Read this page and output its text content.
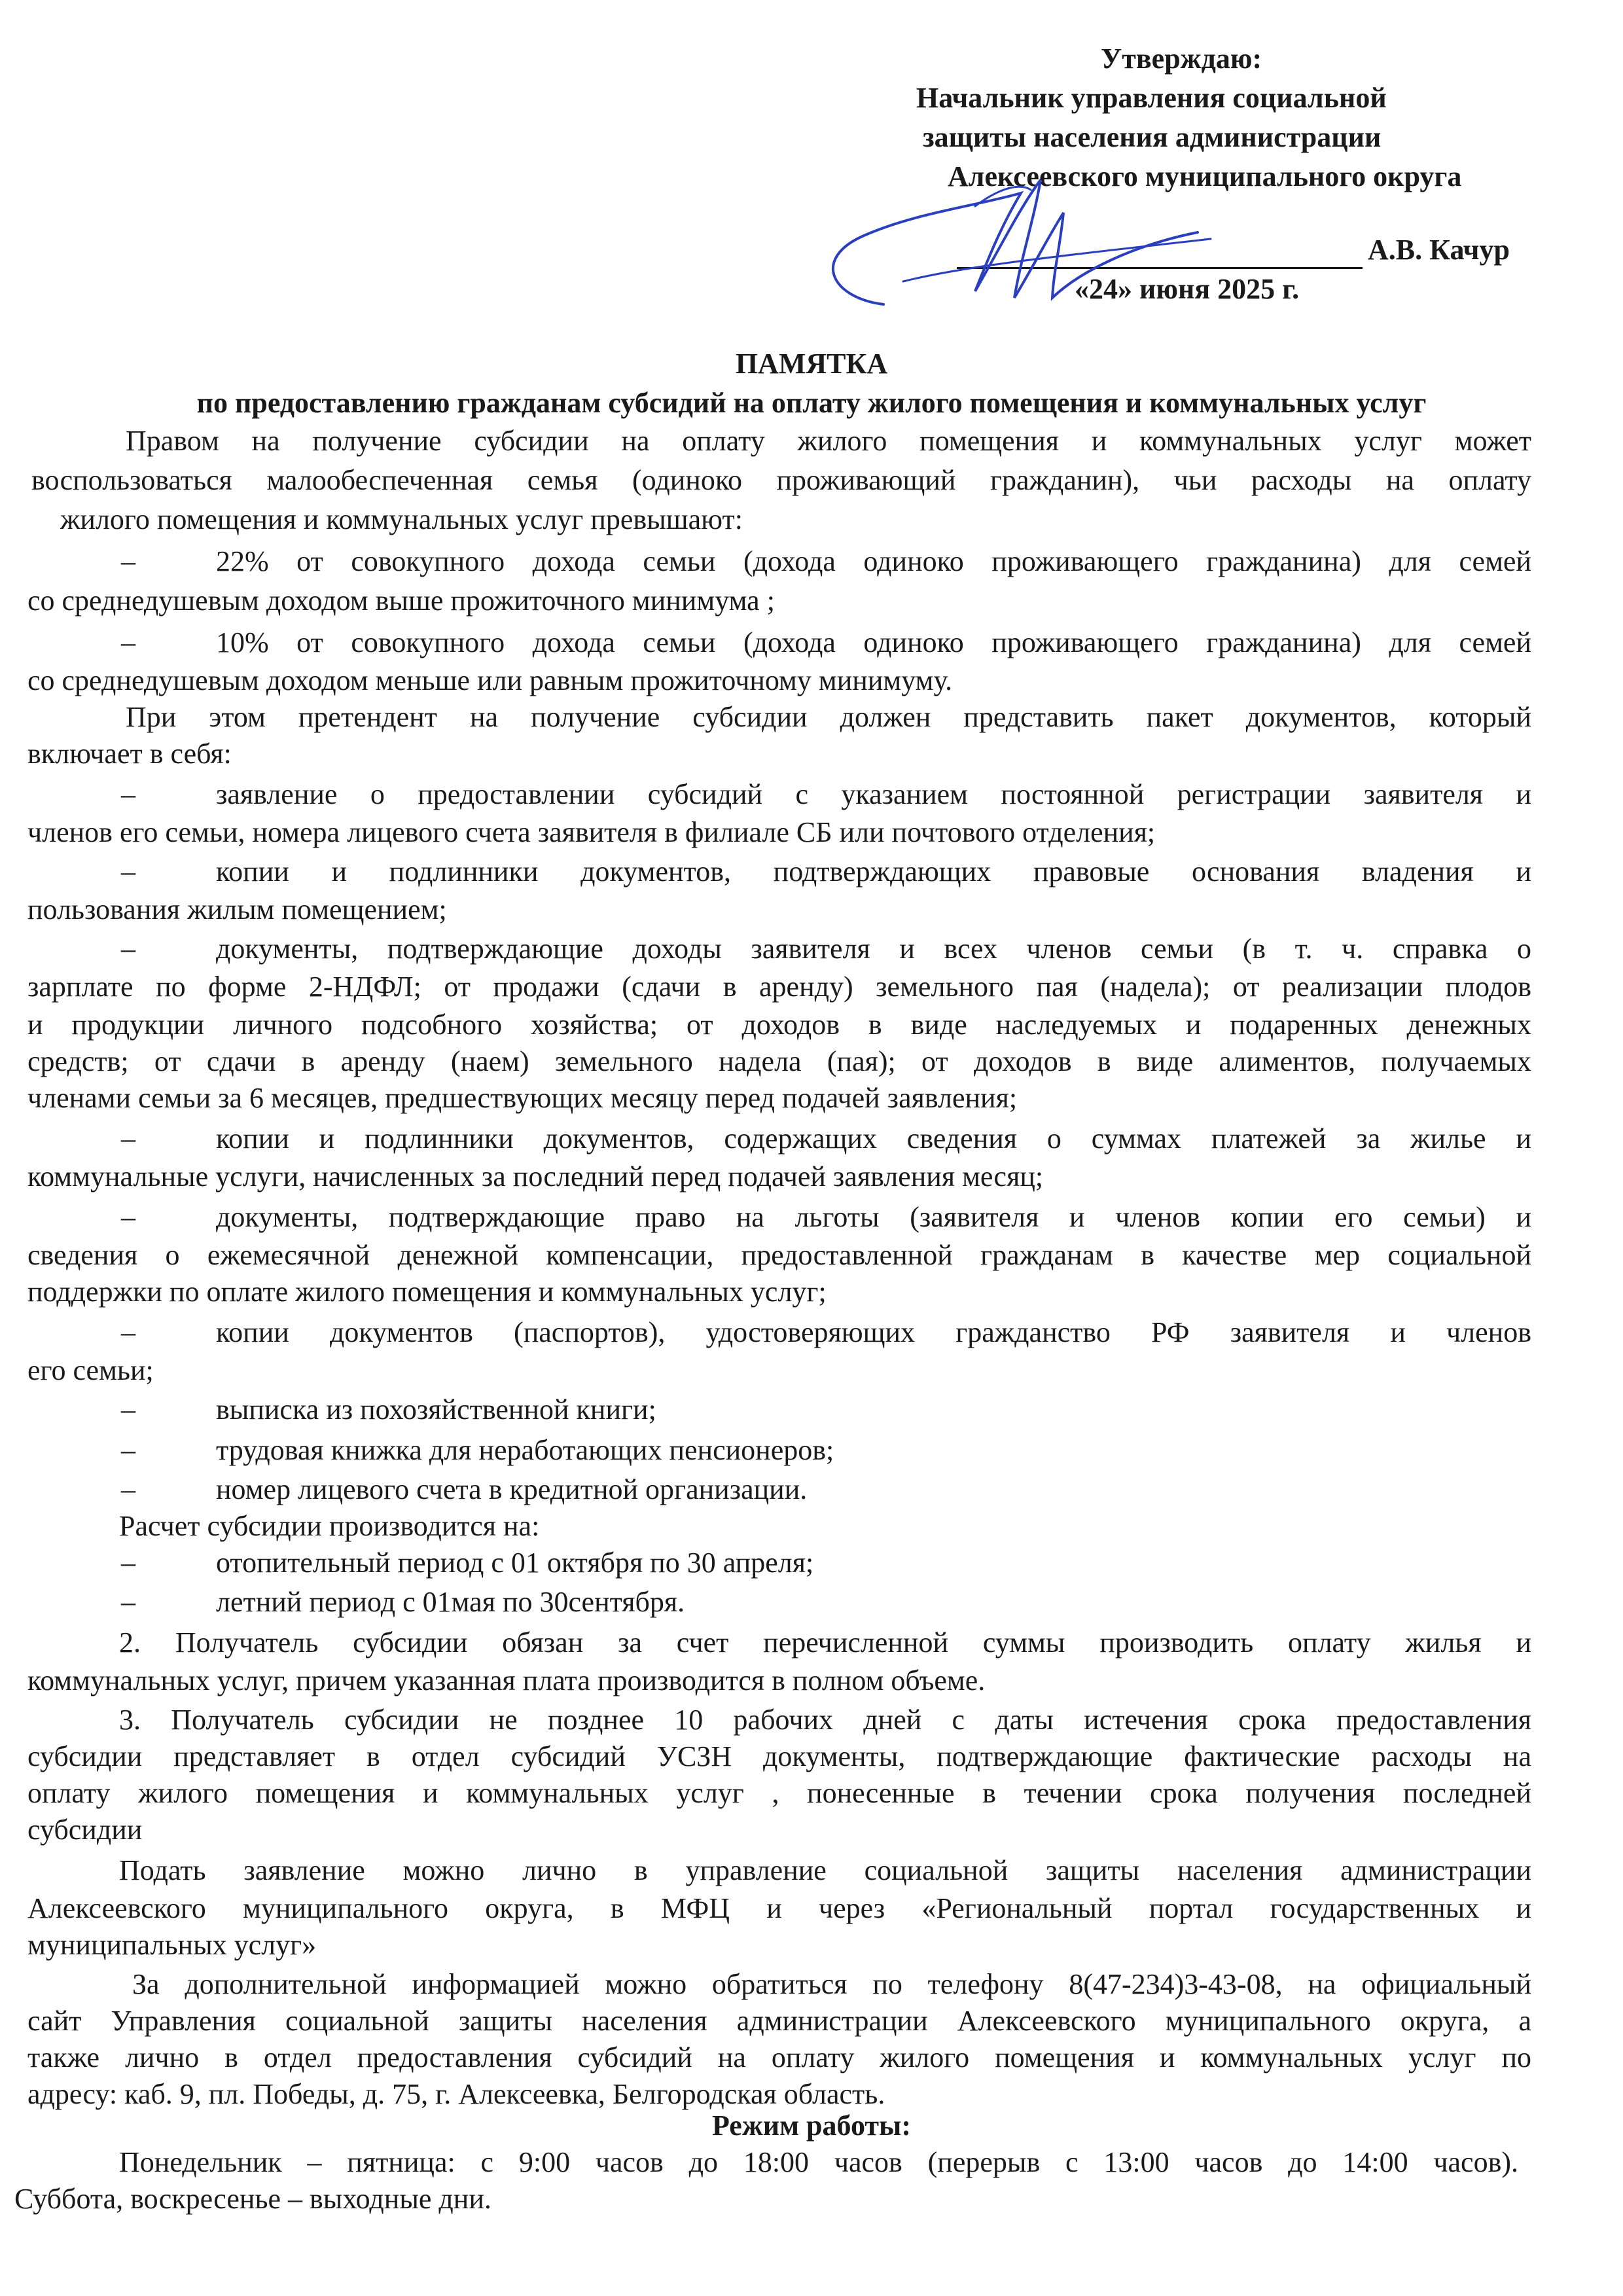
Утверждаю:
Начальник управления социальной
защиты населения администрации
Алексеевского муниципального округа
А.В. Качур
«24» июня 2025 г.
ПАМЯТКА
по предоставлению гражданам субсидий на оплату жилого помещения и коммунальных услуг
Правом на получение субсидии на оплату жилого помещения и коммунальных услуг может
воспользоваться малообеспеченная семья (одиноко проживающий гражданин), чьи расходы на оплату
жилого помещения и коммунальных услуг превышают:
–	22% от совокупного дохода семьи (дохода одиноко проживающего гражданина) для семей
со среднедушевым доходом выше прожиточного минимума ;
–	10% от совокупного дохода семьи (дохода одиноко проживающего гражданина) для семей
со среднедушевым доходом меньше или равным прожиточному минимуму.
При этом претендент на получение субсидии должен представить пакет документов, который
включает в себя:
–	заявление о предоставлении субсидий с указанием постоянной регистрации заявителя и
членов его семьи, номера лицевого счета заявителя в филиале СБ или почтового отделения;
–	копии и подлинники документов, подтверждающих правовые основания владения и
пользования жилым помещением;
–	документы, подтверждающие доходы заявителя и всех членов семьи (в т. ч. справка о
зарплате по форме 2-НДФЛ; от продажи (сдачи в аренду) земельного пая (надела); от реализации плодов
и продукции личного подсобного хозяйства; от доходов в виде наследуемых и подаренных денежных
средств; от сдачи в аренду (наем) земельного надела (пая); от доходов в виде алиментов, получаемых
членами семьи за 6 месяцев, предшествующих месяцу перед подачей заявления;
–	копии и подлинники документов, содержащих сведения о суммах платежей за жилье и
коммунальные услуги, начисленных за последний перед подачей заявления месяц;
–	документы, подтверждающие право на льготы (заявителя и членов копии его семьи) и
сведения о ежемесячной денежной компенсации, предоставленной гражданам в качестве мер социальной
поддержки по оплате жилого помещения и коммунальных услуг;
–	копии документов (паспортов), удостоверяющих гражданство РФ заявителя и членов
его семьи;
–	выписка из похозяйственной книги;
–	трудовая книжка для неработающих пенсионеров;
–	номер лицевого счета в кредитной организации.
Расчет субсидии производится на:
–	отопительный период с 01 октября по 30 апреля;
–	летний период с 01мая по 30сентября.
2. Получатель субсидии обязан за счет перечисленной суммы производить оплату жилья и
коммунальных услуг, причем указанная плата производится в полном объеме.
3. Получатель субсидии не позднее 10 рабочих дней с даты истечения срока предоставления
субсидии представляет в отдел субсидий УСЗН документы, подтверждающие фактические расходы на
оплату жилого помещения и коммунальных услуг , понесенные в течении срока получения последней
субсидии
Подать заявление можно лично в управление социальной защиты населения администрации
Алексеевского муниципального округа, в МФЦ и через «Региональный портал государственных и
муниципальных услуг»
За дополнительной информацией можно обратиться по телефону 8(47-234)3-43-08, на официальный
сайт Управления социальной защиты населения администрации Алексеевского муниципального округа, а
также лично в отдел предоставления субсидий на оплату жилого помещения и коммунальных услуг по
адресу: каб. 9, пл. Победы, д. 75, г. Алексеевка, Белгородская область.
Режим работы:
Понедельник – пятница: с 9:00 часов до 18:00 часов (перерыв с 13:00 часов до 14:00 часов).
Суббота, воскресенье – выходные дни.
